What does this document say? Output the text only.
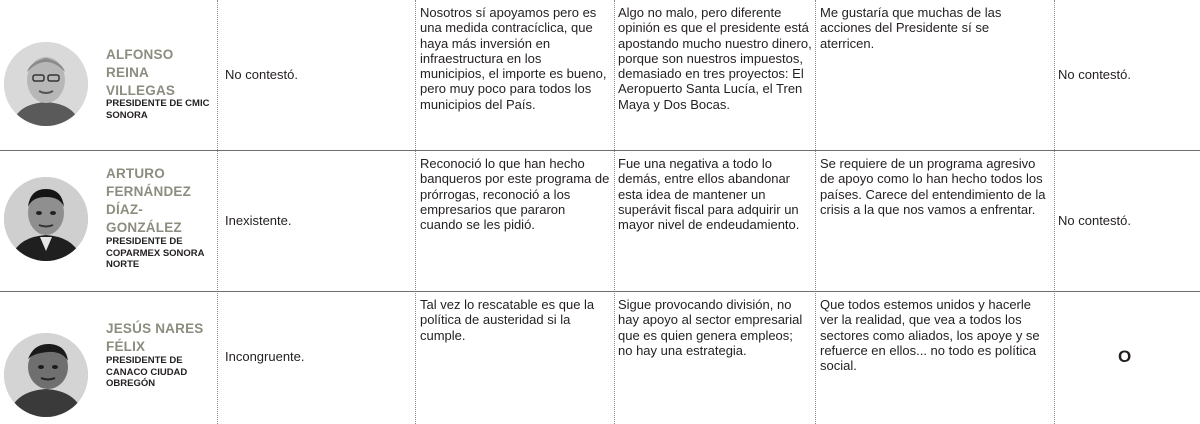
ALFONSO REINA VILLEGAS
PRESIDENTE DE CMIC SONORA
No contestó.
Nosotros sí apoyamos pero es una medida contracíclica, que haya más inversión en infraestructura en los municipios, el importe es bueno, pero muy poco para todos los municipios del País.
Algo no malo, pero diferente opinión es que el presidente está apostando mucho nuestro dinero, porque son nuestros impuestos, demasiado en tres proyectos: El Aeropuerto Santa Lucía, el Tren Maya y Dos Bocas.
Me gustaría que muchas de las acciones del Presidente sí se aterricen.
No contestó.
ARTURO FERNÁNDEZ DÍAZ-GONZÁLEZ
PRESIDENTE DE COPARMEX SONORA NORTE
Inexistente.
Reconoció lo que han hecho banqueros por este programa de prórrogas, reconoció a los empresarios que pararon cuando se les pidió.
Fue una negativa a todo lo demás, entre ellos abandonar esta idea de mantener un superávit fiscal para adquirir un mayor nivel de endeudamiento.
Se requiere de un programa agresivo de apoyo como lo han hecho todos los países. Carece del entendimiento de la crisis a la que nos vamos a enfrentar.
No contestó.
JESÚS NARES FÉLIX
PRESIDENTE DE CANACO CIUDAD OBREGÓN
Incongruente.
Tal vez lo rescatable es que la política de austeridad si la cumple.
Sigue provocando división, no hay apoyo al sector empresarial que es quien genera empleos; no hay una estrategia.
Que todos estemos unidos y hacerle ver la realidad, que vea a todos los sectores como aliados, los apoye y se refuerce en ellos... no todo es política social.	O
